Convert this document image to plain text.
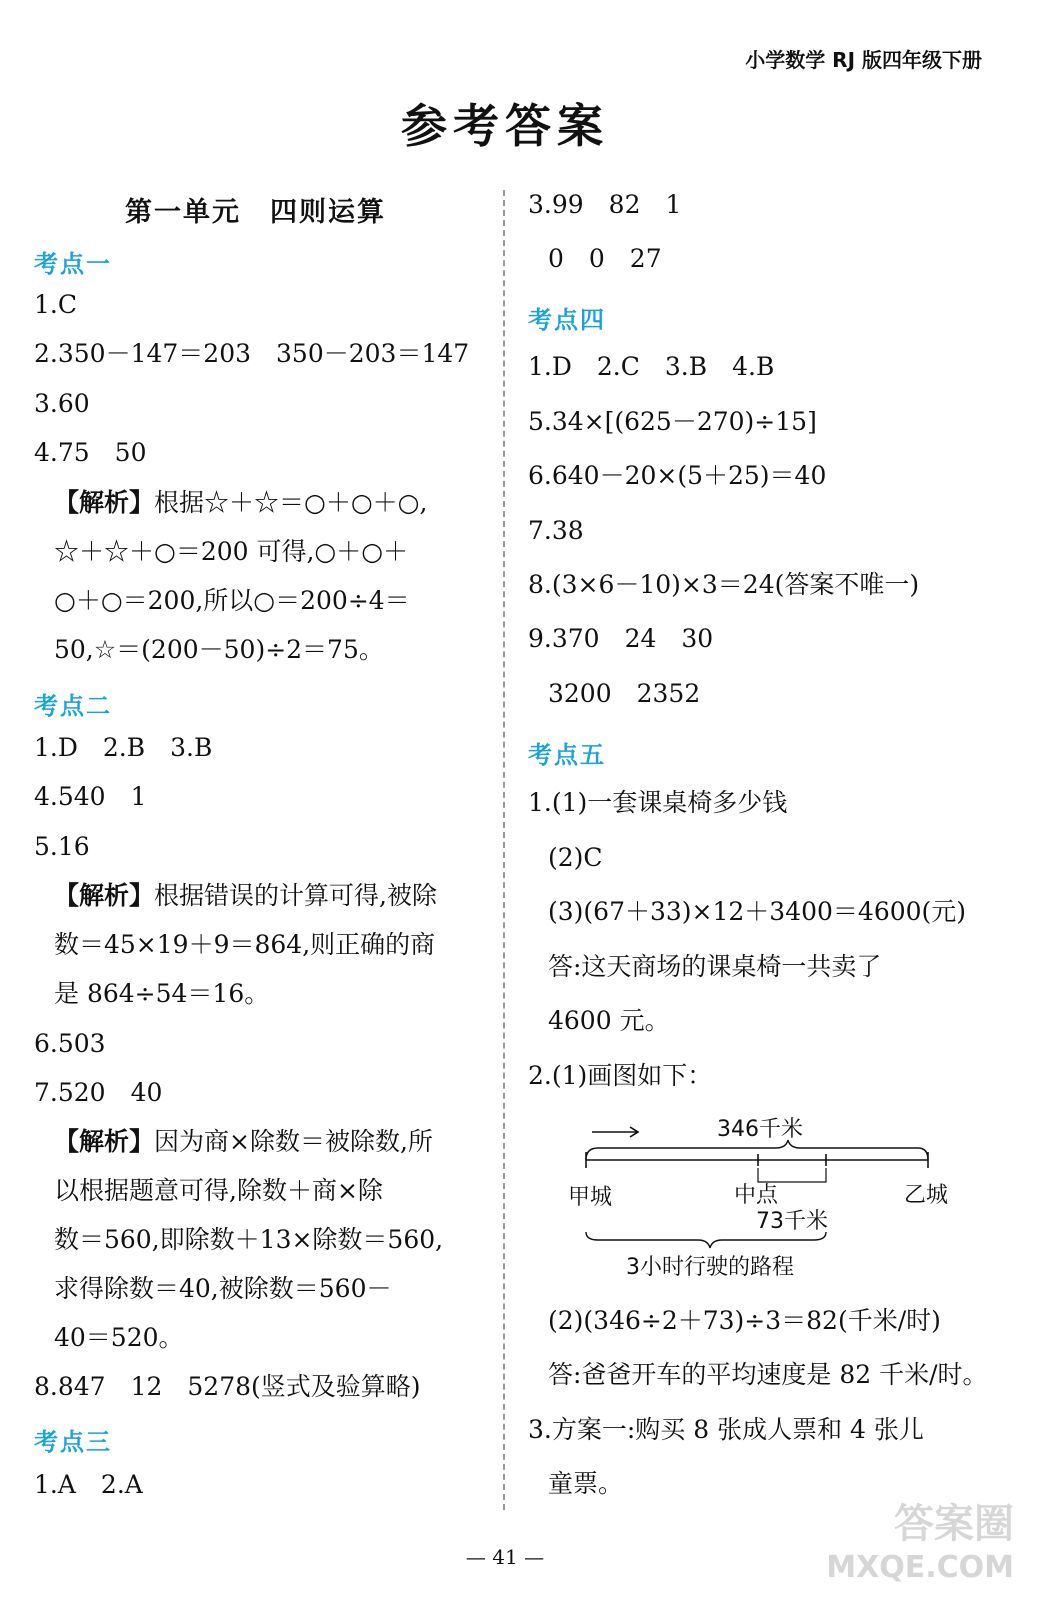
小学数学 RJ 版四年级下册
参考答案
第一单元　四则运算
考点一
1.C
2.350－147＝203　350－203＝147
3.60
4.75　50
【解析】根据☆＋☆＝○＋○＋○,
☆＋☆＋○＝200 可得,○＋○＋
○＋○＝200,所以○＝200÷4＝
50,☆＝(200－50)÷2＝75。
考点二
1.D　2.B　3.B
4.540　1
5.16
【解析】根据错误的计算可得,被除
数＝45×19＋9＝864,则正确的商
是 864÷54＝16。
6.503
7.520　40
【解析】因为商×除数＝被除数,所
以根据题意可得,除数＋商×除
数＝560,即除数＋13×除数＝560,
求得除数＝40,被除数＝560－
40＝520。
8.847　12　5278(竖式及验算略)
考点三
1.A　2.A
3.99　82　1
0　0　27
考点四
1.D　2.C　3.B　4.B
5.34×[(625－270)÷15]
6.640－20×(5＋25)＝40
7.38
8.(3×6－10)×3＝24(答案不唯一)
9.370　24　30
3200　2352
考点五
1.(1)一套课桌椅多少钱
(2)C
(3)(67＋33)×12＋3400＝4600(元)
答:这天商场的课桌椅一共卖了
4600 元。
2.(1)画图如下：
346千米
甲城	中点	乙城
73千米
3小时行驶的路程
(2)(346÷2＋73)÷3＝82(千米/时)
答:爸爸开车的平均速度是 82 千米/时。
3.方案一:购买 8 张成人票和 4 张儿
童票。
— 41 —
答案圈
MXQE.COM
